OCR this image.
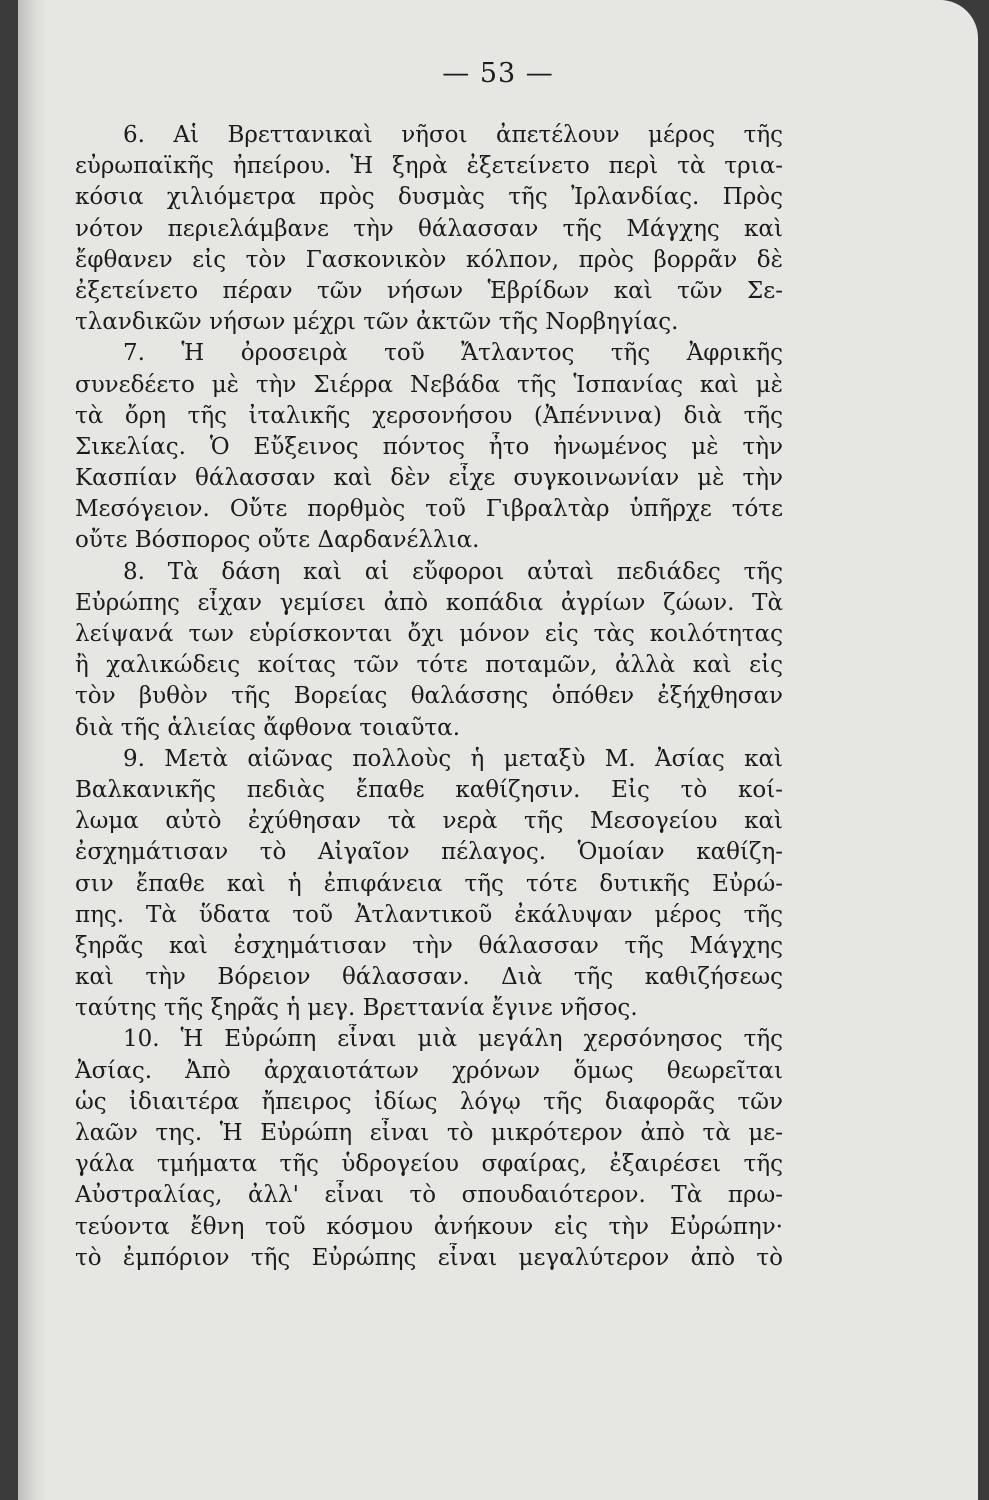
— 53 —
6. Αἱ Βρεττανικαὶ νῆσοι ἀπετέλουν μέρος τῆς
εὐρωπαϊκῆς ἠπείρου. Ἡ ξηρὰ ἐξετείνετο περὶ τὰ τρια-
κόσια χιλιόμετρα πρὸς δυσμὰς τῆς Ἰρλανδίας. Πρὸς
νότον περιελάμβανε τὴν θάλασσαν τῆς Μάγχης καὶ
ἔφθανεν εἰς τὸν Γασκονικὸν κόλπον, πρὸς βορρᾶν δὲ
ἐξετείνετο πέραν τῶν νήσων Ἑβρίδων καὶ τῶν Σε-
τλανδικῶν νήσων μέχρι τῶν ἀκτῶν τῆς Νορβηγίας.
7. Ἡ ὀροσειρὰ τοῦ Ἄτλαντος τῆς Ἀφρικῆς
συνεδέετο μὲ τὴν Σιέρρα Νεβάδα τῆς Ἱσπανίας καὶ μὲ
τὰ ὄρη τῆς ἰταλικῆς χερσονήσου (Ἀπέννινα) διὰ τῆς
Σικελίας. Ὁ Εὔξεινος πόντος ἦτο ἠνωμένος μὲ τὴν
Κασπίαν θάλασσαν καὶ δὲν εἶχε συγκοινωνίαν μὲ τὴν
Μεσόγειον. Οὔτε πορθμὸς τοῦ Γιβραλτὰρ ὑπῆρχε τότε
οὔτε Βόσπορος οὔτε Δαρδανέλλια.
8. Τὰ δάση καὶ αἱ εὔφοροι αὐταὶ πεδιάδες τῆς
Εὐρώπης εἶχαν γεμίσει ἀπὸ κοπάδια ἀγρίων ζώων. Τὰ
λείψανά των εὑρίσκονται ὄχι μόνον εἰς τὰς κοιλότητας
ἢ χαλικώδεις κοίτας τῶν τότε ποταμῶν, ἀλλὰ καὶ εἰς
τὸν βυθὸν τῆς Βορείας θαλάσσης ὁπόθεν ἐξήχθησαν
διὰ τῆς ἁλιείας ἄφθονα τοιαῦτα.
9. Μετὰ αἰῶνας πολλοὺς ἡ μεταξὺ Μ. Ἀσίας καὶ
Βαλκανικῆς πεδιὰς ἔπαθε καθίζησιν. Εἰς τὸ κοί-
λωμα αὐτὸ ἐχύθησαν τὰ νερὰ τῆς Μεσογείου καὶ
ἐσχημάτισαν τὸ Αἰγαῖον πέλαγος. Ὁμοίαν καθίζη-
σιν ἔπαθε καὶ ἡ ἐπιφάνεια τῆς τότε δυτικῆς Εὐρώ-
πης. Τὰ ὕδατα τοῦ Ἀτλαντικοῦ ἐκάλυψαν μέρος τῆς
ξηρᾶς καὶ ἐσχημάτισαν τὴν θάλασσαν τῆς Μάγχης
καὶ τὴν Βόρειον θάλασσαν. Διὰ τῆς καθιζήσεως
ταύτης τῆς ξηρᾶς ἡ μεγ. Βρεττανία ἔγινε νῆσος.
10. Ἡ Εὐρώπη εἶναι μιὰ μεγάλη χερσόνησος τῆς
Ἀσίας. Ἀπὸ ἀρχαιοτάτων χρόνων ὅμως θεωρεῖται
ὡς ἰδιαιτέρα ἤπειρος ἰδίως λόγῳ τῆς διαφορᾶς τῶν
λαῶν της. Ἡ Εὐρώπη εἶναι τὸ μικρότερον ἀπὸ τὰ με-
γάλα τμήματα τῆς ὑδρογείου σφαίρας, ἐξαιρέσει τῆς
Αὐστραλίας, ἀλλ' εἶναι τὸ σπουδαιότερον. Τὰ πρω-
τεύοντα ἔθνη τοῦ κόσμου ἀνήκουν εἰς τὴν Εὐρώπην·
τὸ ἐμπόριον τῆς Εὐρώπης εἶναι μεγαλύτερον ἀπὸ τὸ
